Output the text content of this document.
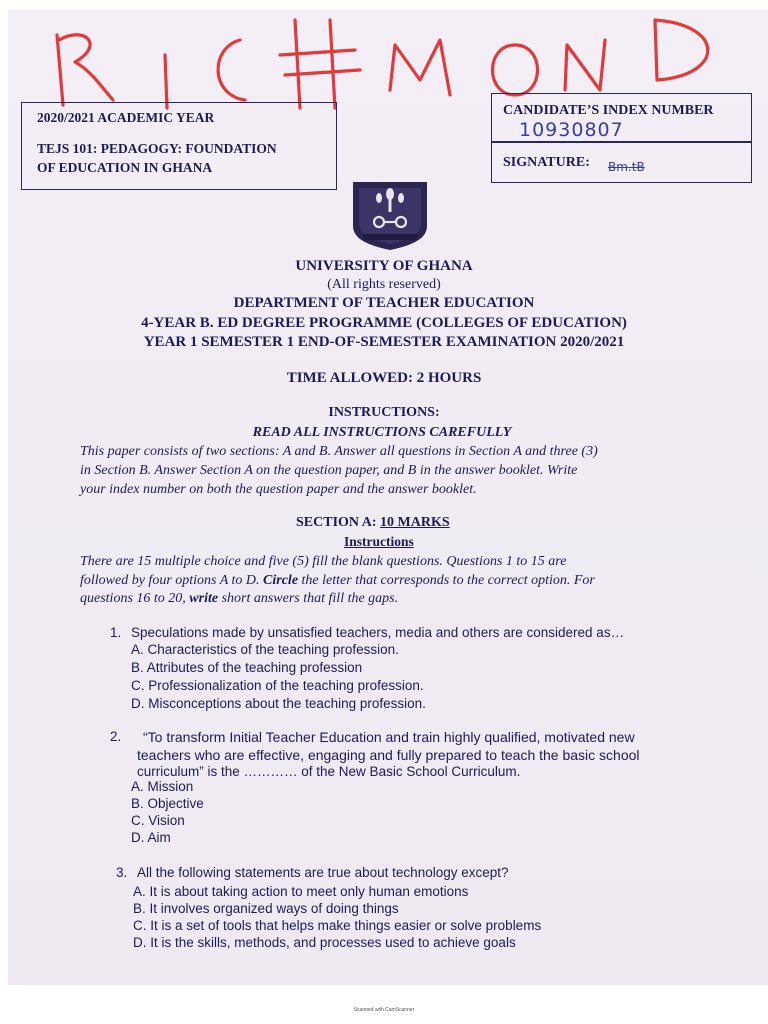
2020/2021 ACADEMIC YEAR
TEJS 101: PEDAGOGY: FOUNDATION
OF EDUCATION IN GHANA
CANDIDATE’S INDEX NUMBER
10930807
SIGNATURE: Bm.tB
UNIVERSITY OF GHANA
(All rights reserved)
DEPARTMENT OF TEACHER EDUCATION
4-YEAR B. ED DEGREE PROGRAMME (COLLEGES OF EDUCATION)
YEAR 1 SEMESTER 1 END-OF-SEMESTER EXAMINATION 2020/2021
TIME ALLOWED: 2 HOURS
INSTRUCTIONS:
READ ALL INSTRUCTIONS CAREFULLY
This paper consists of two sections: A and B. Answer all questions in Section A and three (3)
in Section B. Answer Section A on the question paper, and B in the answer booklet. Write
your index number on both the question paper and the answer booklet.
SECTION A: 10 MARKS
Instructions
There are 15 multiple choice and five (5) fill the blank questions. Questions 1 to 15 are
followed by four options A to D. Circle the letter that corresponds to the correct option. For
questions 16 to 20, write short answers that fill the gaps.
1. Speculations made by unsatisfied teachers, media and others are considered as…
A. Characteristics of the teaching profession.
B. Attributes of the teaching profession
C. Professionalization of the teaching profession.
D. Misconceptions about the teaching profession.
2. “To transform Initial Teacher Education and train highly qualified, motivated new
teachers who are effective, engaging and fully prepared to teach the basic school
curriculum” is the ………… of the New Basic School Curriculum.
A. Mission
B. Objective
C. Vision
D. Aim
3. All the following statements are true about technology except?
A. It is about taking action to meet only human emotions
B. It involves organized ways of doing things
C. It is a set of tools that helps make things easier or solve problems
D. It is the skills, methods, and processes used to achieve goals
Scanned with CamScanner
